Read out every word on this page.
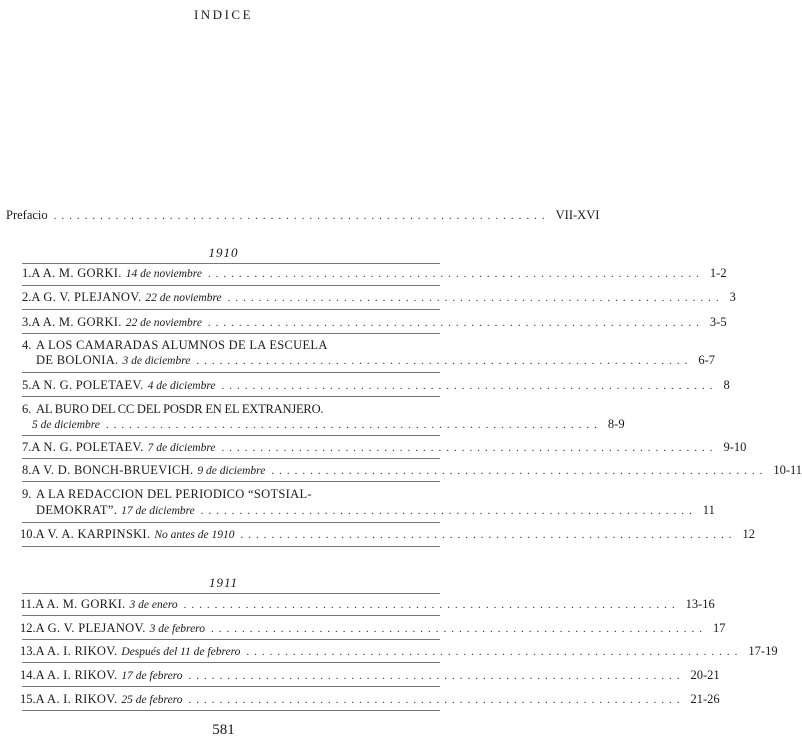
INDICE
Prefacio ................................................................ VII-XVI
1910
1. A A. M. GORKI. 14 de noviembre ................................................................ 1-2
2. A G. V. PLEJANOV. 22 de noviembre ................................................................ 3
3. A A. M. GORKI. 22 de noviembre ................................................................ 3-5
4. A LOS CAMARADAS ALUMNOS DE LA ESCUELA
DE BOLONIA. 3 de diciembre ................................................................ 6-7
5. A N. G. POLETAEV. 4 de diciembre ................................................................ 8
6. AL BURO DEL CC DEL POSDR EN EL EXTRANJERO.
5 de diciembre ................................................................ 8-9
7. A N. G. POLETAEV. 7 de diciembre ................................................................ 9-10
8. A V. D. BONCH-BRUEVICH. 9 de diciembre ................................................................ 10-11
9. A LA REDACCION DEL PERIODICO “SOTSIAL-
DEMOKRAT”. 17 de diciembre ................................................................ 11
10. A V. A. KARPINSKI. No antes de 1910 ................................................................ 12
1911
11. A A. M. GORKI. 3 de enero ................................................................ 13-16
12. A G. V. PLEJANOV. 3 de febrero ................................................................ 17
13. A A. I. RIKOV. Después del 11 de febrero ................................................................ 17-19
14. A A. I. RIKOV. 17 de febrero ................................................................ 20-21
15. A A. I. RIKOV. 25 de febrero ................................................................ 21-26
581
